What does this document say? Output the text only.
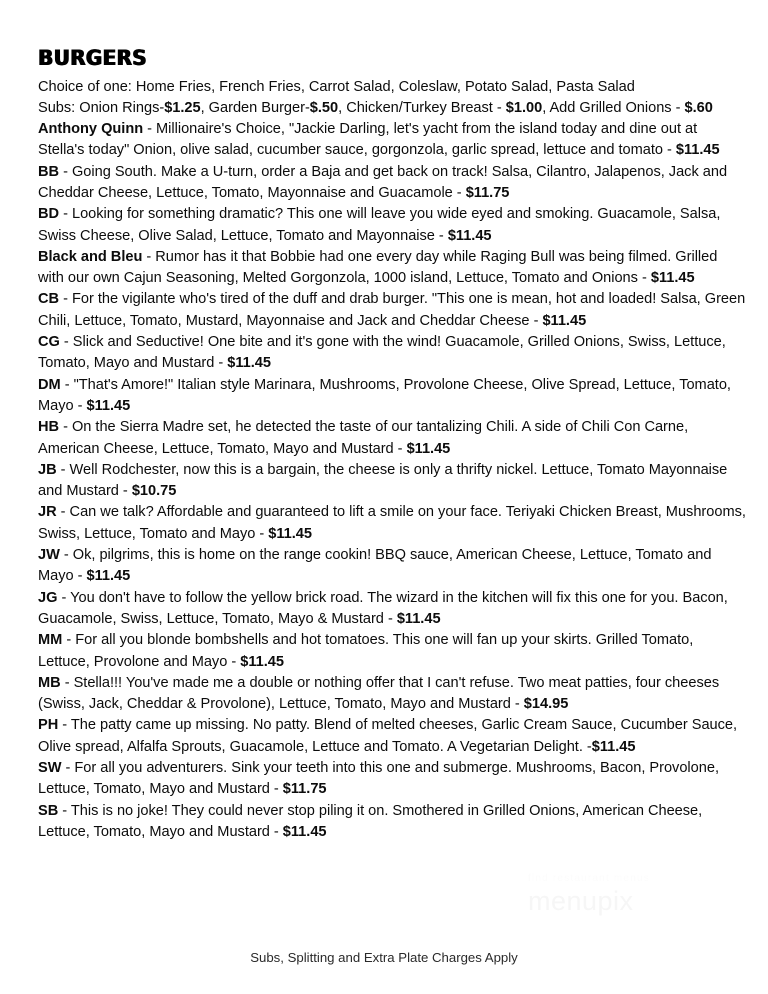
BURGERS

Choice of one: Home Fries, French Fries, Carrot Salad, Coleslaw, Potato Salad, Pasta Salad

Subs: Onion Rings-$1.25, Garden Burger-$.50, Chicken/Turkey Breast - $1.00, Add Grilled Onions - $.60

Anthony Quinn - Millionaire's Choice, "Jackie Darling, let's yacht from the island today and dine out at Stella's today" Onion, olive salad, cucumber sauce, gorgonzola, garlic spread, lettuce and tomato - $11.45
BB - Going South. Make a U-turn, order a Baja and get back on track! Salsa, Cilantro, Jalapenos, Jack and Cheddar Cheese, Lettuce, Tomato, Mayonnaise and Guacamole - $11.75
BD - Looking for something dramatic? This one will leave you wide eyed and smoking. Guacamole, Salsa, Swiss Cheese, Olive Salad, Lettuce, Tomato and Mayonnaise - $11.45
Black and Bleu - Rumor has it that Bobbie had one every day while Raging Bull was being filmed. Grilled with our own Cajun Seasoning, Melted Gorgonzola, 1000 island, Lettuce, Tomato and Onions - $11.45
CB - For the vigilante who's tired of the duff and drab burger. "This one is mean, hot and loaded! Salsa, Green Chili, Lettuce, Tomato, Mustard, Mayonnaise and Jack and Cheddar Cheese - $11.45
CG - Slick and Seductive! One bite and it's gone with the wind! Guacamole, Grilled Onions, Swiss, Lettuce, Tomato, Mayo and Mustard - $11.45
DM - "That's Amore!" Italian style Marinara, Mushrooms, Provolone Cheese, Olive Spread, Lettuce, Tomato, Mayo - $11.45
HB - On the Sierra Madre set, he detected the taste of our tantalizing Chili. A side of Chili Con Carne, American Cheese, Lettuce, Tomato, Mayo and Mustard - $11.45
JB - Well Rodchester, now this is a bargain, the cheese is only a thrifty nickel. Lettuce, Tomato Mayonnaise and Mustard - $10.75
JR - Can we talk? Affordable and guaranteed to lift a smile on your face. Teriyaki Chicken Breast, Mushrooms, Swiss, Lettuce, Tomato and Mayo - $11.45
JW - Ok, pilgrims, this is home on the range cookin! BBQ sauce, American Cheese, Lettuce, Tomato and Mayo - $11.45
JG - You don't have to follow the yellow brick road. The wizard in the kitchen will fix this one for you. Bacon, Guacamole, Swiss, Lettuce, Tomato, Mayo & Mustard - $11.45
MM - For all you blonde bombshells and hot tomatoes. This one will fan up your skirts. Grilled Tomato, Lettuce, Provolone and Mayo - $11.45
MB - Stella!!! You've made me a double or nothing offer that I can't refuse. Two meat patties, four cheeses (Swiss, Jack, Cheddar & Provolone), Lettuce, Tomato, Mayo and Mustard - $14.95
PH - The patty came up missing. No patty. Blend of melted cheeses, Garlic Cream Sauce, Cucumber Sauce, Olive spread, Alfalfa Sprouts, Guacamole, Lettuce and Tomato. A Vegetarian Delight. -$11.45
SW - For all you adventurers. Sink your teeth into this one and submerge. Mushrooms, Bacon, Provolone, Lettuce, Tomato, Mayo and Mustard - $11.75
SB - This is no joke! They could never stop piling it on. Smothered in Grilled Onions, American Cheese, Lettuce, Tomato, Mayo and Mustard - $11.45
find restaurant menus
menupix
Subs, Splitting and Extra Plate Charges Apply
